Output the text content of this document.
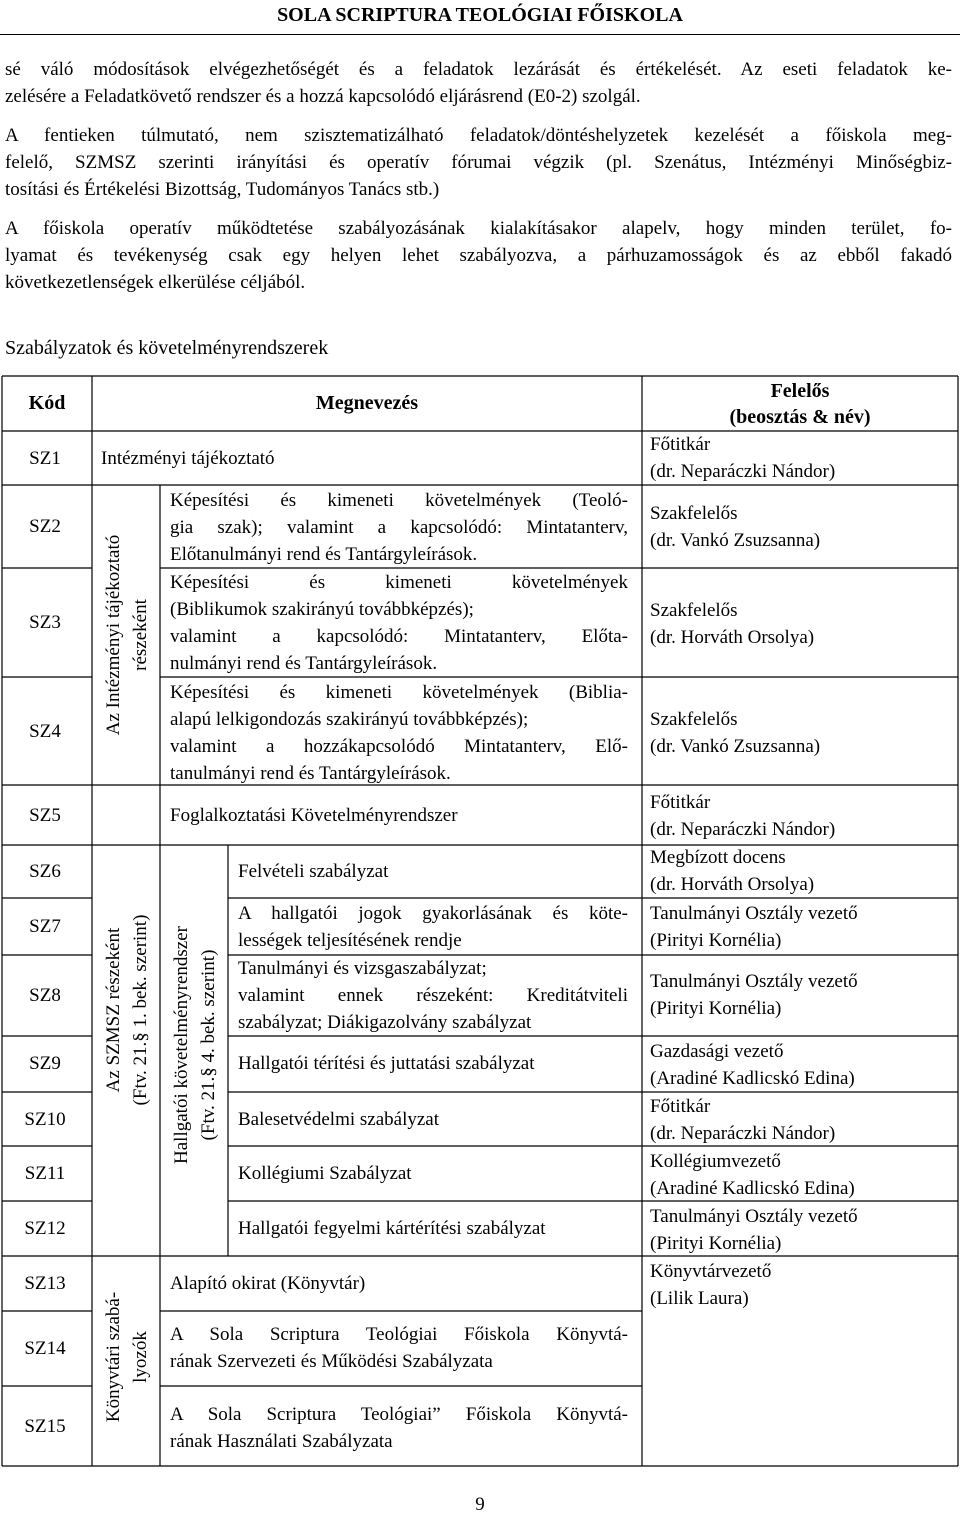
SOLA SCRIPTURA TEOLÓGIAI FŐISKOLA
sé váló módosítások elvégezhetőségét és a feladatok lezárását és értékelését. Az eseti feladatok ke-
zelésére a Feladatkövető rendszer és a hozzá kapcsolódó eljárásrend (E0-2) szolgál.
A fentieken túlmutató, nem szisztematizálható feladatok/döntéshelyzetek kezelését a főiskola meg-
felelő, SZMSZ szerinti irányítási és operatív fórumai végzik (pl. Szenátus, Intézményi Minőségbiz-
tosítási és Értékelési Bizottság, Tudományos Tanács stb.)
A főiskola operatív működtetése szabályozásának kialakításakor alapelv, hogy minden terület, fo-
lyamat és tevékenység csak egy helyen lehet szabályozva, a párhuzamosságok és az ebből fakadó
következetlenségek elkerülése céljából.
Szabályzatok és követelményrendszerek
Kód	Megnevezés
Felelős
(beosztás & név)
SZ1
SZ2
SZ3
SZ4
SZ5
SZ6
SZ7
SZ8
SZ9
SZ10
SZ11
SZ12
SZ13
SZ14
SZ15
Az Intézményi tájékoztató részeként
Az SZMSZ részeként (Ftv. 21.§ 1. bek. szerint) Hallgatói követelményrendszer (Ftv. 21.§ 4. bek. szerint)
Könyvtári szabá- lyozók
Intézményi tájékoztató
Képesítési és kimeneti követelmények (Teoló-
gia szak); valamint a kapcsolódó: Mintatanterv,
Előtanulmányi rend és Tantárgyleírások.
Képesítési és kimeneti követelmények
(Biblikumok szakirányú továbbképzés);
valamint a kapcsolódó: Mintatanterv, Előta-
nulmányi rend és Tantárgyleírások.
Képesítési és kimeneti követelmények (Biblia-
alapú lelkigondozás szakirányú továbbképzés);
valamint a hozzákapcsolódó Mintatanterv, Elő-
tanulmányi rend és Tantárgyleírások.
Foglalkoztatási Követelményrendszer
Felvételi szabályzat
A hallgatói jogok gyakorlásának és köte-
lességek teljesítésének rendje
Tanulmányi és vizsgaszabályzat;
valamint ennek részeként: Kreditátviteli
szabályzat; Diákigazolvány szabályzat
Hallgatói térítési és juttatási szabályzat
Balesetvédelmi szabályzat
Kollégiumi Szabályzat
Hallgatói fegyelmi kártérítési szabályzat
Alapító okirat (Könyvtár)
A Sola Scriptura Teológiai Főiskola Könyvtá-
rának Szervezeti és Működési Szabályzata
A Sola Scriptura Teológiai” Főiskola Könyvtá-
rának Használati Szabályzata
Főtitkár
(dr. Neparáczki Nándor)
Szakfelelős
(dr. Vankó Zsuzsanna)
Szakfelelős
(dr. Horváth Orsolya)
Szakfelelős
(dr. Vankó Zsuzsanna)
Főtitkár
(dr. Neparáczki Nándor)
Megbízott docens
(dr. Horváth Orsolya)
Tanulmányi Osztály vezető
(Pirityi Kornélia)
Tanulmányi Osztály vezető
(Pirityi Kornélia)
Gazdasági vezető
(Aradiné Kadlicskó Edina)
Főtitkár
(dr. Neparáczki Nándor)
Kollégiumvezető
(Aradiné Kadlicskó Edina)
Tanulmányi Osztály vezető
(Pirityi Kornélia)
Könyvtárvezető
(Lilik Laura)
9
